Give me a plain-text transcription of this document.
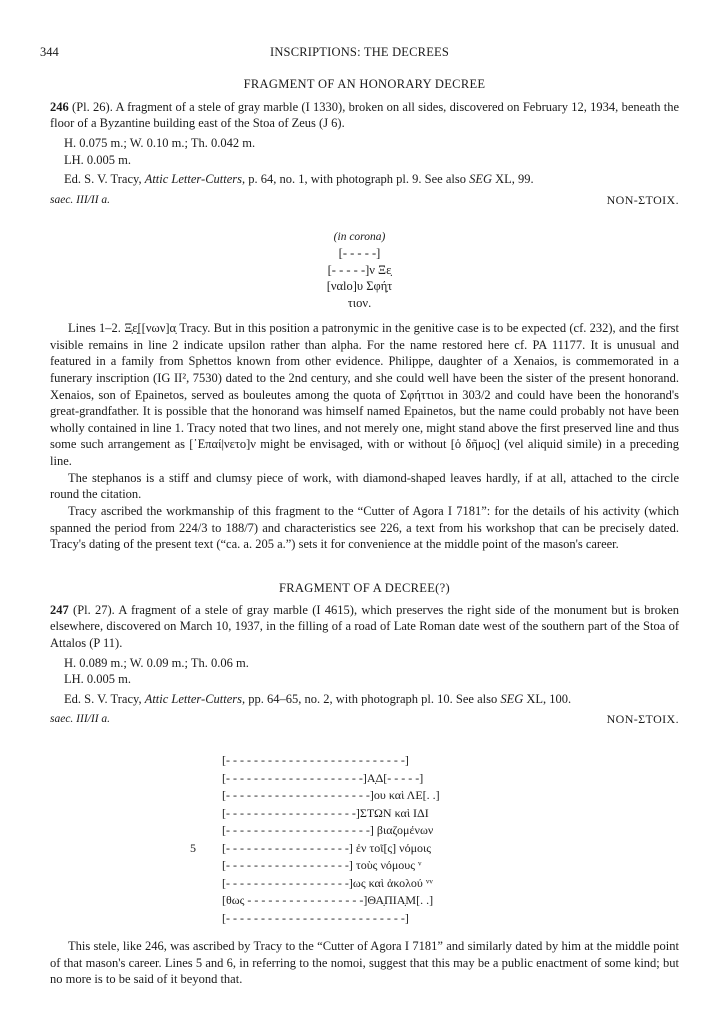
344	INSCRIPTIONS: THE DECREES
FRAGMENT OF AN HONORARY DECREE

246 (Pl. 26). A fragment of a stele of gray marble (I 1330), broken on all sides, discovered on February 12, 1934, beneath the floor of a Byzantine building east of the Stoa of Zeus (J 6).

H. 0.075 m.; W. 0.10 m.; Th. 0.042 m.

LH. 0.005 m.

Ed. S. V. Tracy, Attic Letter-Cutters, p. 64, no. 1, with photograph pl. 9. See also SEG XL, 99.

saec. III/II a.	NON-ΣΤΟΙΧ.
(in corona)
[- - - - -]
[- - - - -]ν Ξε̣
[ναlo]υ Σφή̣τ
τιον.

Lines 1–2. Ξ̣ε̣[[νων]α̣ Tracy. But in this position a patronymic in the genitive case is to be expected (cf. 232), and the first visible remains in line 2 indicate upsilon rather than alpha. For the name restored here cf. PA 11177. It is unusual and featured in a family from Sphettos known from other evidence. Philippe, daughter of a Xenaios, is commemorated in a funerary inscription (IG II², 7530) dated to the 2nd century, and she could well have been the sister of the present honorand. Xenaios, son of Epainetos, served as bouleutes among the quota of Σφήττιοι in 303/2 and could have been the honorand's great-grandfather. It is possible that the honorand was himself named Epainetos, but the name could probably not have been wholly contained in line 1. Tracy noted that two lines, and not merely one, might stand above the first preserved line and thus some such arrangement as [᾿Επαί|νετο]ν might be envisaged, with or without [ὁ δῆμος] (vel aliquid simile) in a preceding line.

The stephanos is a stiff and clumsy piece of work, with diamond-shaped leaves hardly, if at all, attached to the circle round the citation.

Tracy ascribed the workmanship of this fragment to the “Cutter of Agora I 7181”: for the details of his activity (which spanned the period from 224/3 to 188/7) and characteristics see 226, a text from his workshop that can be precisely dated. Tracy's dating of the present text (“ca. a. 205 a.”) sets it for convenience at the middle point of the mason's career.

FRAGMENT OF A DECREE(?)

247 (Pl. 27). A fragment of a stele of gray marble (I 4615), which preserves the right side of the monument but is broken elsewhere, discovered on March 10, 1937, in the filling of a road of Late Roman date west of the southern part of the Stoa of Attalos (P 11).

H. 0.089 m.; W. 0.09 m.; Th. 0.06 m.

LH. 0.005 m.

Ed. S. V. Tracy, Attic Letter-Cutters, pp. 64–65, no. 2, with photograph pl. 10. See also SEG XL, 100.

saec. III/II a.	NON-ΣΤΟΙΧ.
[- - - - - - - - - - - - - - - - - - - - - - - - - -]
[- - - - - - - - - - - - - - - - - - - -]Α̣Δ[- - - - -]
[- - - - - - - - - - - - - - - - - - - - -]ου καὶ ΛΕ[. .]
[- - - - - - - - - - - - - - - - - - -]ΣΤΩΝ καὶ ΙΔΙ
[- - - - - - - - - - - - - - - - - - - - -] βιαζομένων
5 [- - - - - - - - - - - - - - - - - -] ἐν τοῖ[ς] νόμοις
[- - - - - - - - - - - - - - - - - -] τοὺς νόμους ᵛ
[- - - - - - - - - - - - - - - - - -]ως καὶ ἀκολού ᵛᵛ
[θως - - - - - - - - - - - - - - - - -]ΘΑ̣ΠΙΑ̣Μ[. .]
[- - - - - - - - - - - - - - - - - - - - - - - - - -]

This stele, like 246, was ascribed by Tracy to the “Cutter of Agora I 7181” and similarly dated by him at the middle point of that mason's career. Lines 5 and 6, in referring to the nomoi, suggest that this may be a public enactment of some kind; but no more is to be said of it beyond that.
